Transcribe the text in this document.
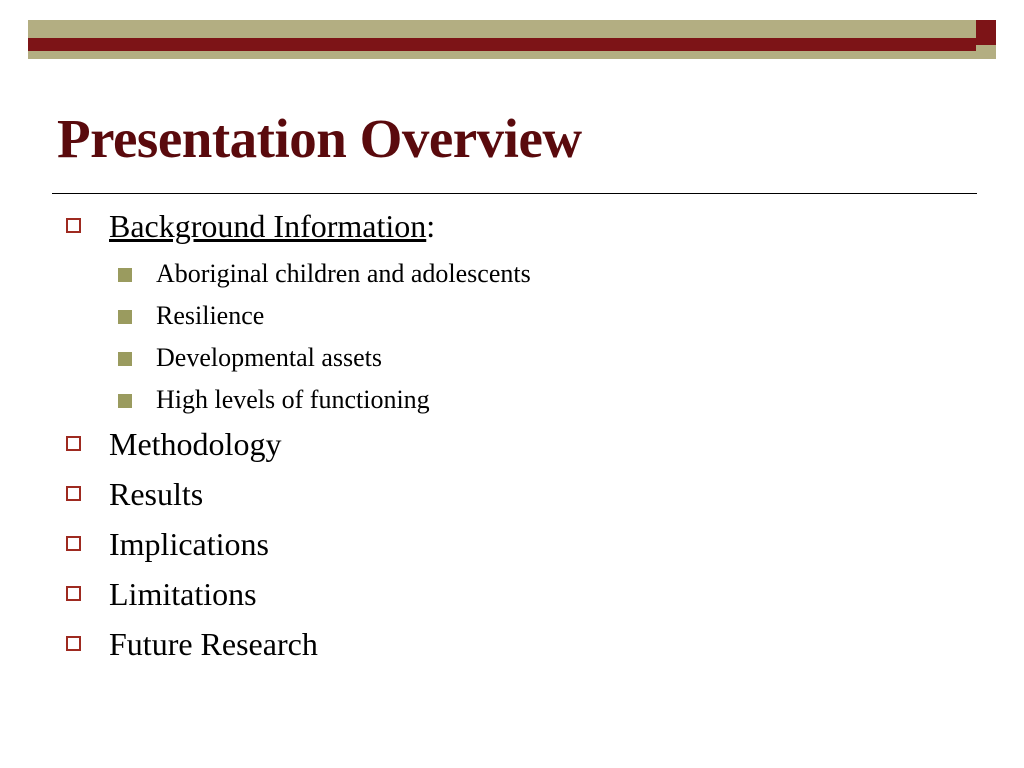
Presentation Overview
Background Information:
Aboriginal children and adolescents
Resilience
Developmental assets
High levels of functioning
Methodology
Results
Implications
Limitations
Future Research
